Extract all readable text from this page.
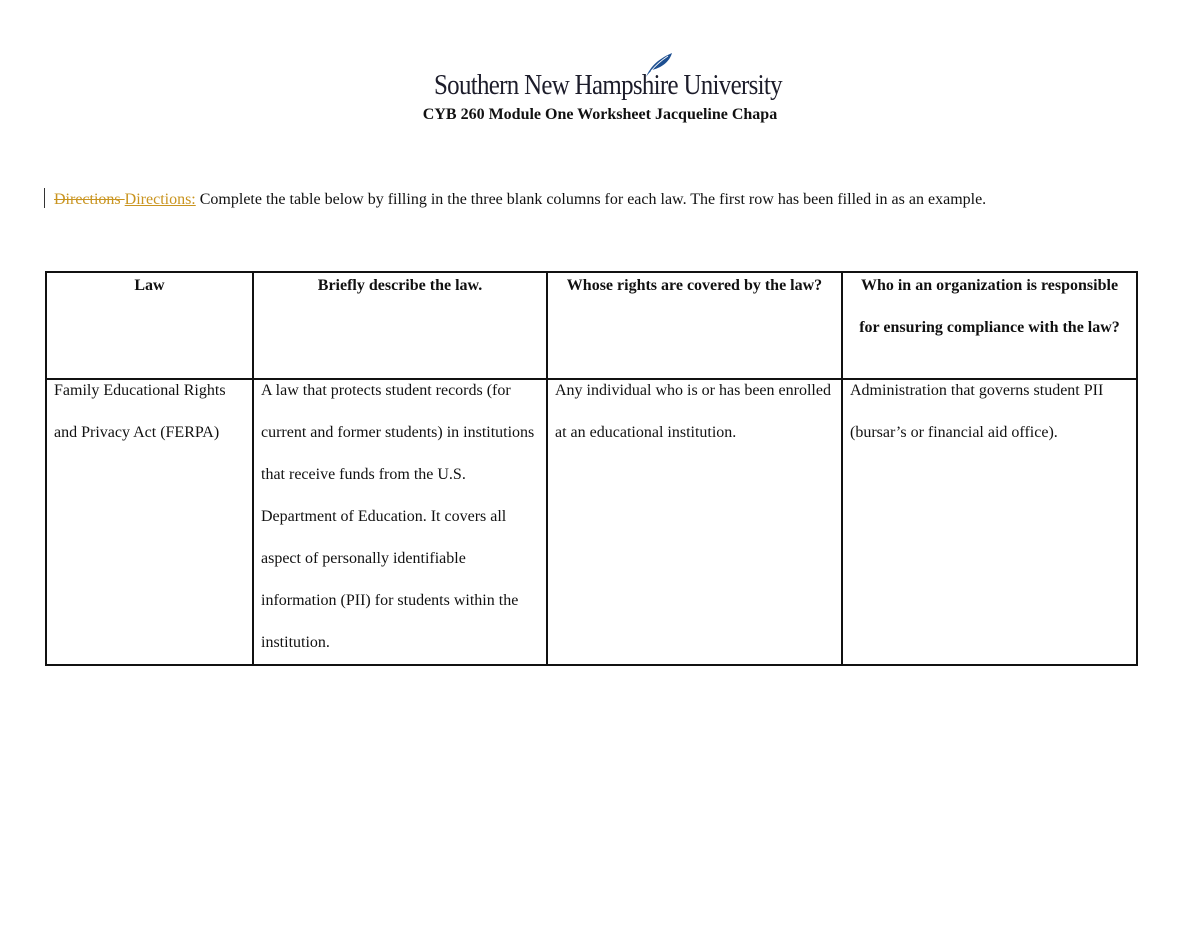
Southern New Hampshire University
CYB 260 Module One Worksheet Jacqueline Chapa
Directions Directions: Complete the table below by filling in the three blank columns for each law. The first row has been filled in as an example.
Law	Briefly describe the law.	Whose rights are covered by the law?	Who in an organization is responsible for ensuring compliance with the law?

Family Educational Rights and Privacy Act (FERPA)	A law that protects student records (for current and former students) in institutions that receive funds from the U.S. Department of Education. It covers all aspect of personally identifiable information (PII) for students within the institution.	Any individual who is or has been enrolled at an educational institution.	Administration that governs student PII (bursar’s or financial aid office).
